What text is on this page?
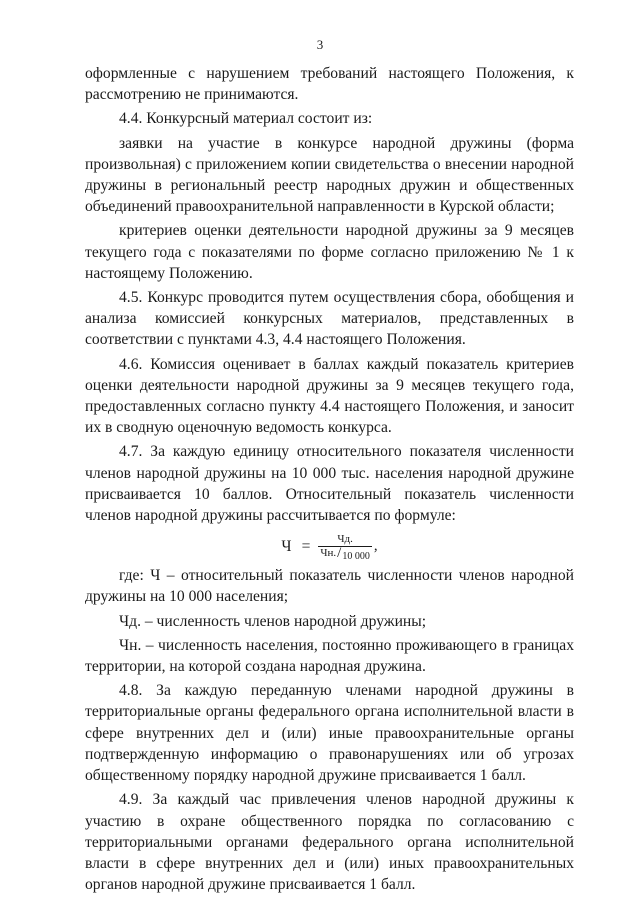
3

оформленные с нарушением требований настоящего Положения, к рассмотрению не принимаются.

4.4. Конкурсный материал состоит из:

заявки на участие в конкурсе народной дружины (форма произвольная) с приложением копии свидетельства о внесении народной дружины в региональный реестр народных дружин и общественных объединений правоохранительной направленности в Курской области;

критериев оценки деятельности народной дружины за 9 месяцев текущего года с показателями по форме согласно приложению № 1 к настоящему Положению.

4.5. Конкурс проводится путем осуществления сбора, обобщения и анализа комиссией конкурсных материалов, представленных в соответствии с пунктами 4.3, 4.4 настоящего Положения.

4.6. Комиссия оценивает в баллах каждый показатель критериев оценки деятельности народной дружины за 9 месяцев текущего года, предоставленных согласно пункту 4.4 настоящего Положения, и заносит их в сводную оценочную ведомость конкурса.

4.7. За каждую единицу относительного показателя численности членов народной дружины на 10 000 тыс. населения народной дружине присваивается 10 баллов. Относительный показатель численности членов народной дружины рассчитывается по формуле:

$Ч = \frac{Чд.}{Чн. / 10 000}$ ,

где: Ч – относительный показатель численности членов народной дружины на 10 000 населения;

Чд. – численность членов народной дружины;

Чн. – численность населения, постоянно проживающего в границах территории, на которой создана народная дружина.

4.8. За каждую переданную членами народной дружины в территориальные органы федерального органа исполнительной власти в сфере внутренних дел и (или) иные правоохранительные органы подтвержденную информацию о правонарушениях или об угрозах общественному порядку народной дружине присваивается 1 балл.

4.9. За каждый час привлечения членов народной дружины к участию в охране общественного порядка по согласованию с территориальными органами федерального органа исполнительной власти в сфере внутренних дел и (или) иных правоохранительных органов народной дружине присваивается 1 балл.
